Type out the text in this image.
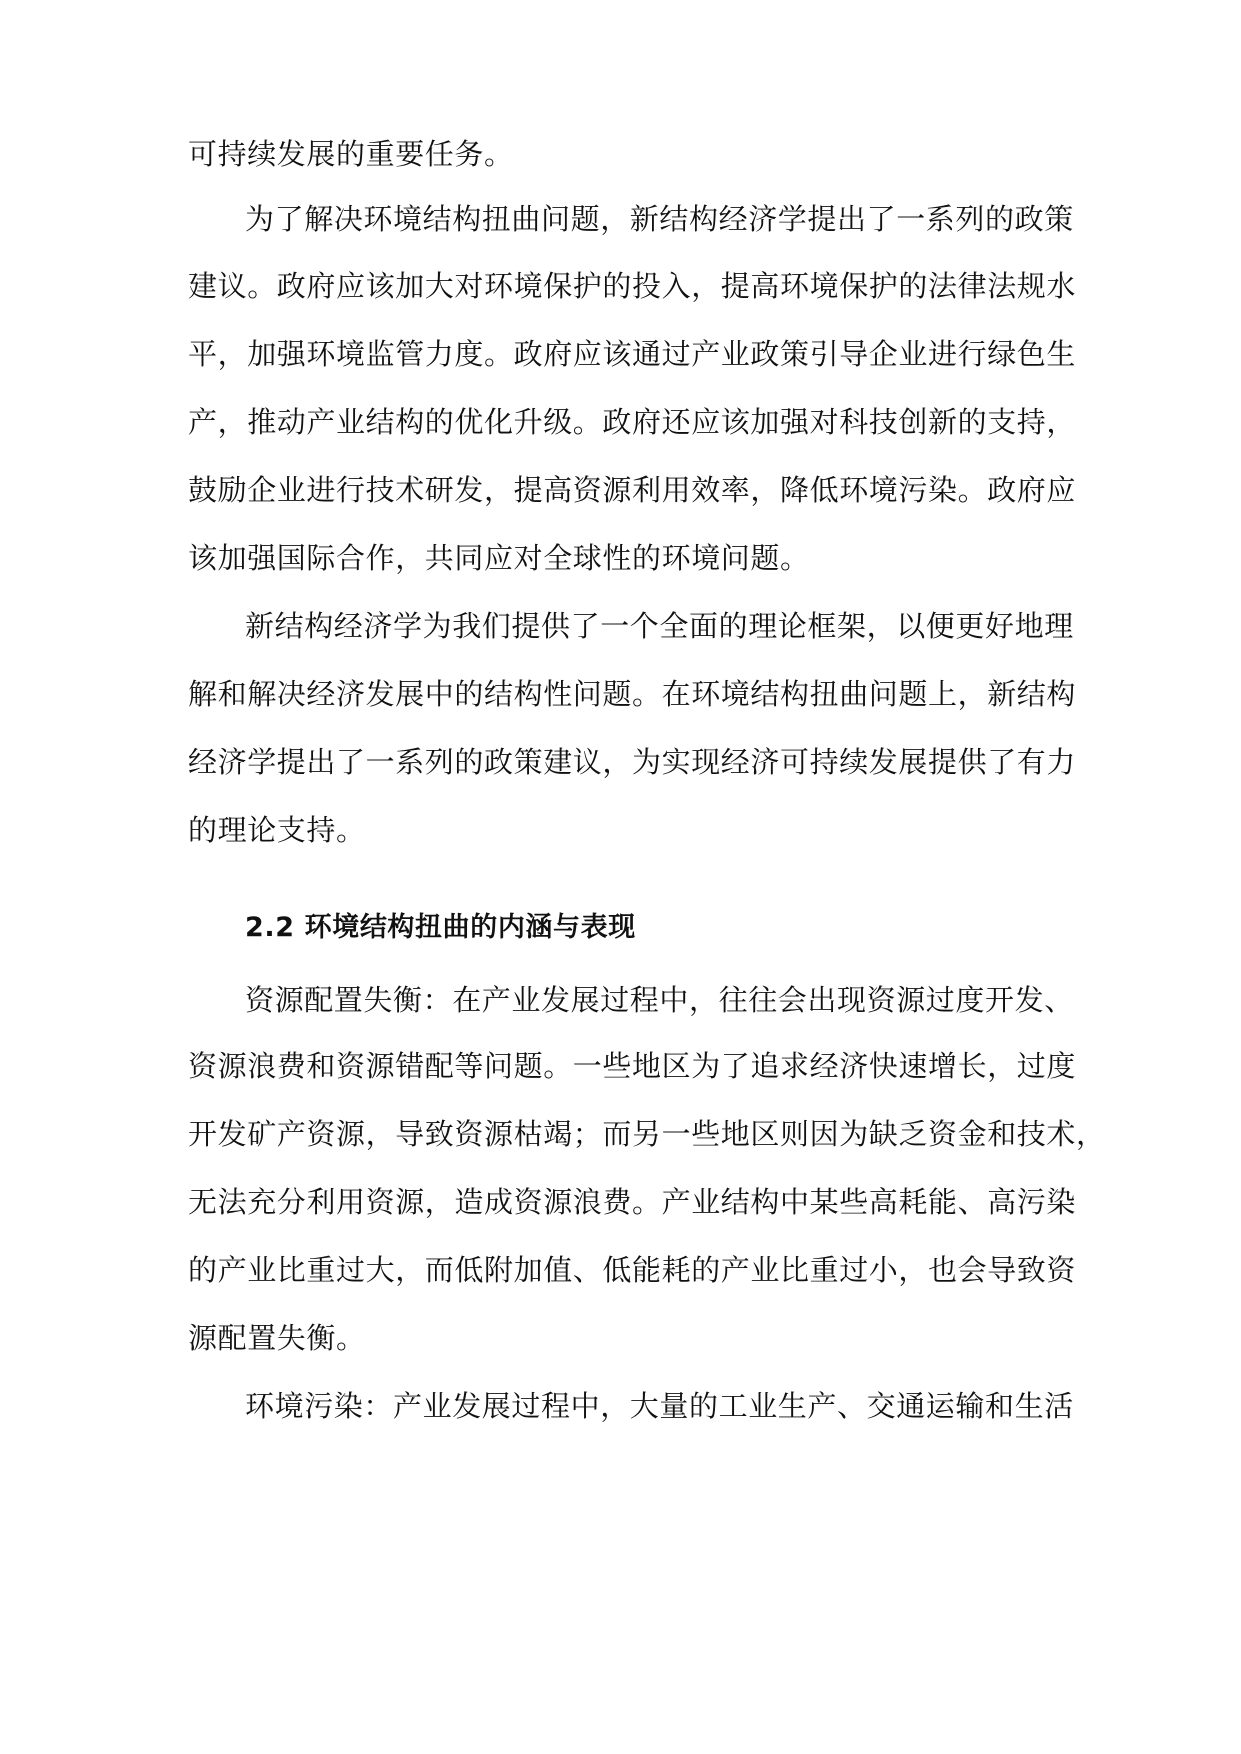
可持续发展的重要任务。
为了解决环境结构扭曲问题，新结构经济学提出了一系列的政策
建议。政府应该加大对环境保护的投入，提高环境保护的法律法规水
平，加强环境监管力度。政府应该通过产业政策引导企业进行绿色生
产，推动产业结构的优化升级。政府还应该加强对科技创新的支持，
鼓励企业进行技术研发，提高资源利用效率，降低环境污染。政府应
该加强国际合作，共同应对全球性的环境问题。
新结构经济学为我们提供了一个全面的理论框架，以便更好地理
解和解决经济发展中的结构性问题。在环境结构扭曲问题上，新结构
经济学提出了一系列的政策建议，为实现经济可持续发展提供了有力
的理论支持。
2.2 环境结构扭曲的内涵与表现
资源配置失衡：在产业发展过程中，往往会出现资源过度开发、
资源浪费和资源错配等问题。一些地区为了追求经济快速增长，过度
开发矿产资源，导致资源枯竭；而另一些地区则因为缺乏资金和技术，
无法充分利用资源，造成资源浪费。产业结构中某些高耗能、高污染
的产业比重过大，而低附加值、低能耗的产业比重过小，也会导致资
源配置失衡。
环境污染：产业发展过程中，大量的工业生产、交通运输和生活
